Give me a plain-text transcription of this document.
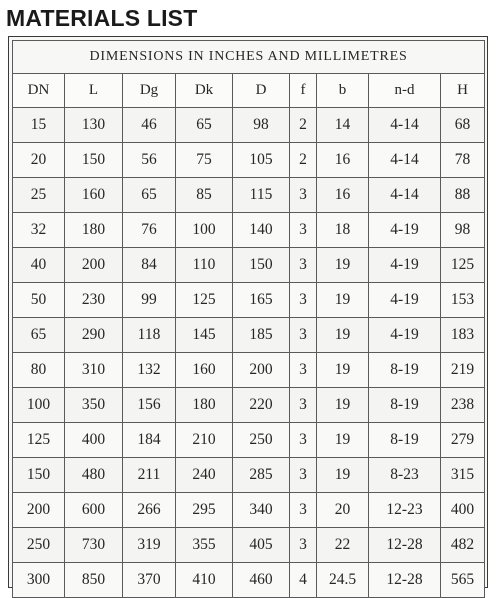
MATERIALS LIST
DIMENSIONS IN INCHES AND MILLIMETRES								
DN	L	Dg	Dk	D	f	b	n-d	H
15	130	46	65	98	2	14	4-14	68
20	150	56	75	105	2	16	4-14	78
25	160	65	85	115	3	16	4-14	88
32	180	76	100	140	3	18	4-19	98
40	200	84	110	150	3	19	4-19	125
50	230	99	125	165	3	19	4-19	153
65	290	118	145	185	3	19	4-19	183
80	310	132	160	200	3	19	8-19	219
100	350	156	180	220	3	19	8-19	238
125	400	184	210	250	3	19	8-19	279
150	480	211	240	285	3	19	8-23	315
200	600	266	295	340	3	20	12-23	400
250	730	319	355	405	3	22	12-28	482
300	850	370	410	460	4	24.5	12-28	565
